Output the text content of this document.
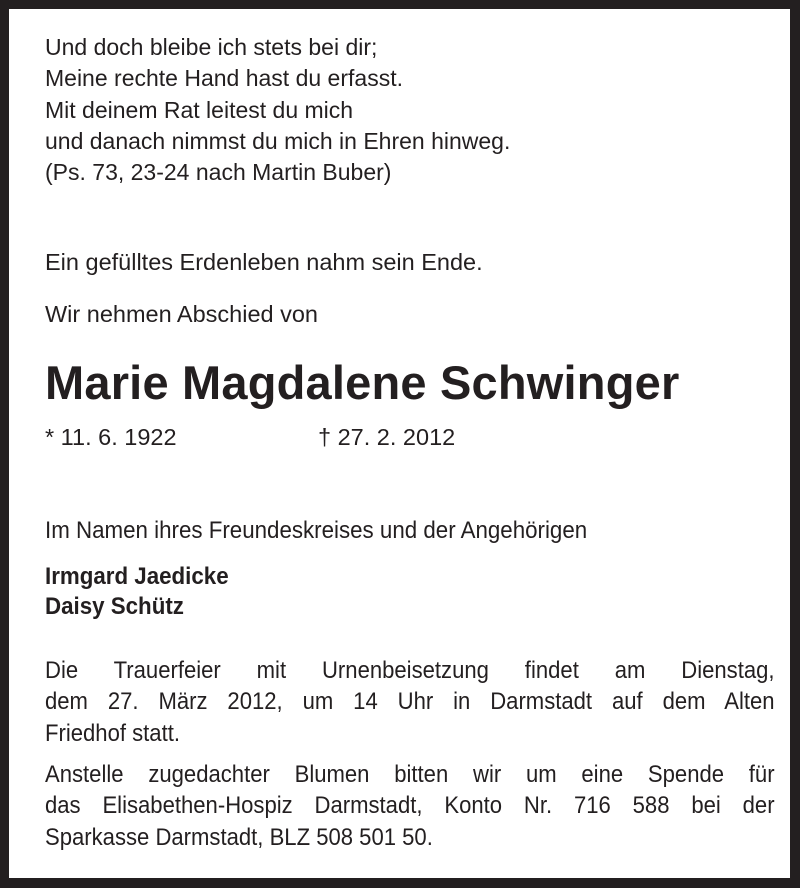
Und doch bleibe ich stets bei dir;
Meine rechte Hand hast du erfasst.
Mit deinem Rat leitest du mich
und danach nimmst du mich in Ehren hinweg.
(Ps. 73, 23-24 nach Martin Buber)
Ein gefülltes Erdenleben nahm sein Ende.
Wir nehmen Abschied von
Marie Magdalene Schwinger
* 11. 6. 1922	† 27. 2. 2012
Im Namen ihres Freundeskreises und der Angehörigen
Irmgard Jaedicke
Daisy Schütz
Die Trauerfeier mit Urnenbeisetzung findet am Dienstag,
dem 27. März 2012, um 14 Uhr in Darmstadt auf dem Alten
Friedhof statt.
Anstelle zugedachter Blumen bitten wir um eine Spende für
das Elisabethen-Hospiz Darmstadt, Konto Nr. 716 588 bei der
Sparkasse Darmstadt, BLZ 508 501 50.
